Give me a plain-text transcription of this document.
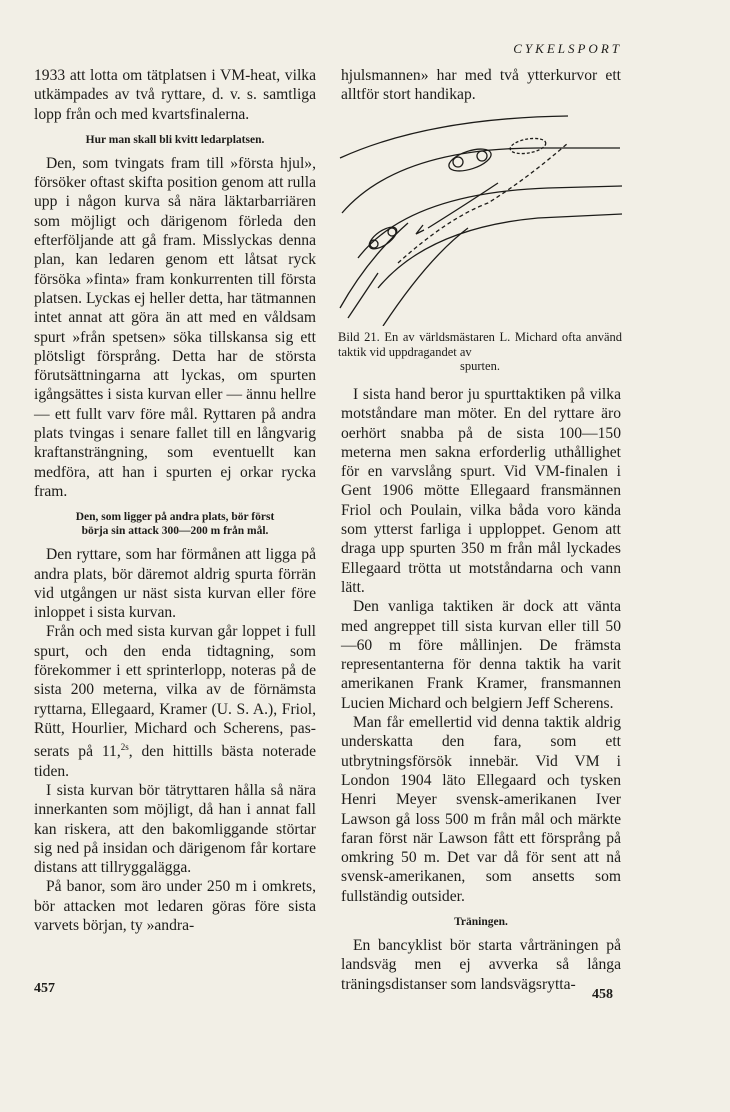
CYKELSPORT

1933 att lotta om tätplatsen i VM-heat, vilka utkämpades av två ryttare, d. v. s. samtliga lopp från och med kvartsfinalerna.

Hur man skall bli kvitt ledarplatsen.

Den, som tvingats fram till »första hjul», försöker oftast skifta position genom att rulla upp i någon kurva så nära läktarbarriären som möjligt och därigenom förleda den efterföljande att gå fram. Misslyckas denna plan, kan ledaren genom ett låtsat ryck försöka »finta» fram konkurrenten till första platsen. Lyckas ej heller detta, har tätmannen intet annat att göra än att med en våldsam spurt »från spetsen» söka tillskansa sig ett plötsligt försprång. Detta har de största förutsättningarna att lyckas, om spurten igångsättes i sista kurvan eller — ännu hellre — ett fullt varv före mål. Ryttaren på andra plats tvingas i senare fallet till en långvarig kraftansträngning, som eventuellt kan medföra, att han i spurten ej orkar rycka fram.

Den, som ligger på andra plats, bör först
börja sin attack 300—200 m från mål.

Den ryttare, som har förmånen att ligga på andra plats, bör däremot aldrig spurta förrän vid utgången ur näst sista kurvan eller före inloppet i sista kurvan.

Från och med sista kurvan går loppet i full spurt, och den enda tidtagning, som förekommer i ett sprinterlopp, noteras på de sista 200 meterna, vilka av de förnämsta ryttarna, Ellegaard, Kramer (U. S. A.), Friol, Rütt, Hourlier, Michard och Scherens, passerats på 11,$^{2s}$, den hittills bästa noterade tiden.

I sista kurvan bör tätryttaren hålla så nära innerkanten som möjligt, då han i annat fall kan riskera, att den bakomliggande störtar sig ned på insidan och därigenom får kortare distans att tillryggalägga.

På banor, som äro under 250 m i omkrets, bör attacken mot ledaren göras före sista varvets början, ty »andra-

hjulsmannen» har med två ytterkurvor ett alltför stort handikap.

Bild 21. En av världsmästaren L. Michard ofta använd taktik vid uppdragandet av
spurten.

I sista hand beror ju spurttaktiken på vilka motståndare man möter. En del ryttare äro oerhört snabba på de sista 100—150 meterna men sakna erforderlig uthållighet för en varvslång spurt. Vid VM-finalen i Gent 1906 mötte Ellegaard fransmännen Friol och Poulain, vilka båda voro kända som ytterst farliga i upploppet. Genom att draga upp spurten 350 m från mål lyckades Ellegaard trötta ut motståndarna och vann lätt.

Den vanliga taktiken är dock att vänta med angreppet till sista kurvan eller till 50—60 m före mållinjen. De främsta representanterna för denna taktik ha varit amerikanen Frank Kramer, fransmannen Lucien Michard och belgiern Jeff Scherens.

Man får emellertid vid denna taktik aldrig underskatta den fara, som ett utbrytningsförsök innebär. Vid VM i London 1904 läto Ellegaard och tysken Henri Meyer svensk-amerikanen Iver Lawson gå loss 500 m från mål och märkte faran först när Lawson fått ett försprång på omkring 50 m. Det var då för sent att nå svensk-amerikanen, som ansetts som fullständig outsider.

Träningen.

En bancyklist bör starta vårträningen på landsväg men ej avverka så långa träningsdistanser som landsvägsrytta-

457	458
